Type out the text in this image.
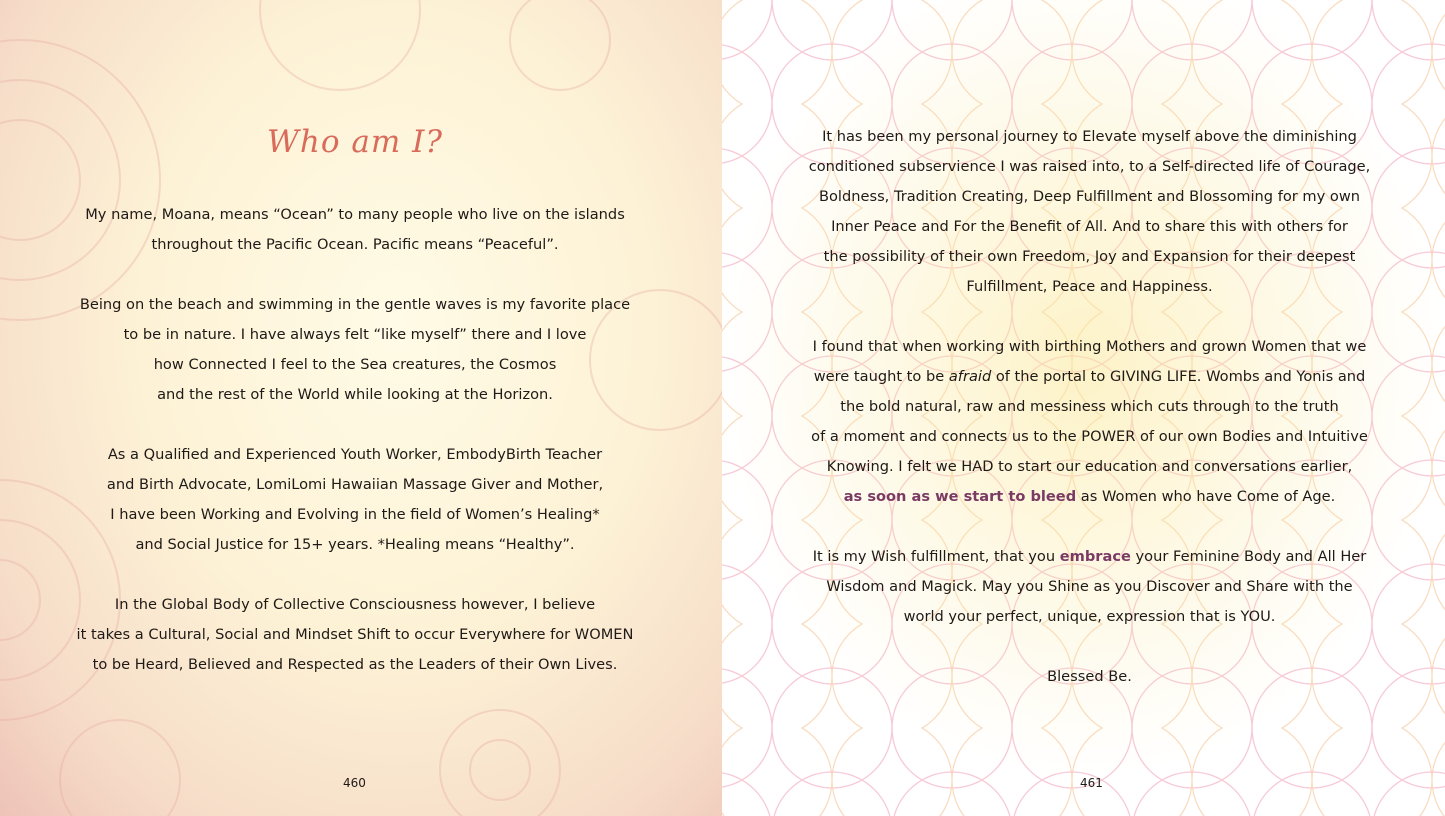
Who am I?
My name, Moana, means “Ocean” to many people who live on the islands
throughout the Pacific Ocean. Pacific means “Peaceful”.
Being on the beach and swimming in the gentle waves is my favorite place
to be in nature. I have always felt “like myself” there and I love
how Connected I feel to the Sea creatures, the Cosmos
and the rest of the World while looking at the Horizon.
As a Qualified and Experienced Youth Worker, EmbodyBirth Teacher
and Birth Advocate, LomiLomi Hawaiian Massage Giver and Mother,
I have been Working and Evolving in the field of Women’s Healing*
and Social Justice for 15+ years. *Healing means “Healthy”.
In the Global Body of Collective Consciousness however, I believe
it takes a Cultural, Social and Mindset Shift to occur Everywhere for WOMEN
to be Heard, Believed and Respected as the Leaders of their Own Lives.
460
It has been my personal journey to Elevate myself above the diminishing
conditioned subservience I was raised into, to a Self-directed life of Courage,
Boldness, Tradition Creating, Deep Fulfillment and Blossoming for my own
Inner Peace and For the Benefit of All. And to share this with others for
the possibility of their own Freedom, Joy and Expansion for their deepest
Fulfillment, Peace and Happiness.
I found that when working with birthing Mothers and grown Women that we
were taught to be afraid of the portal to GIVING LIFE. Wombs and Yonis and
the bold natural, raw and messiness which cuts through to the truth
of a moment and connects us to the POWER of our own Bodies and Intuitive
Knowing. I felt we HAD to start our education and conversations earlier,
as soon as we start to bleed as Women who have Come of Age.
It is my Wish fulfillment, that you embrace your Feminine Body and All Her
Wisdom and Magick. May you Shine as you Discover and Share with the
world your perfect, unique, expression that is YOU.
Blessed Be.
461
